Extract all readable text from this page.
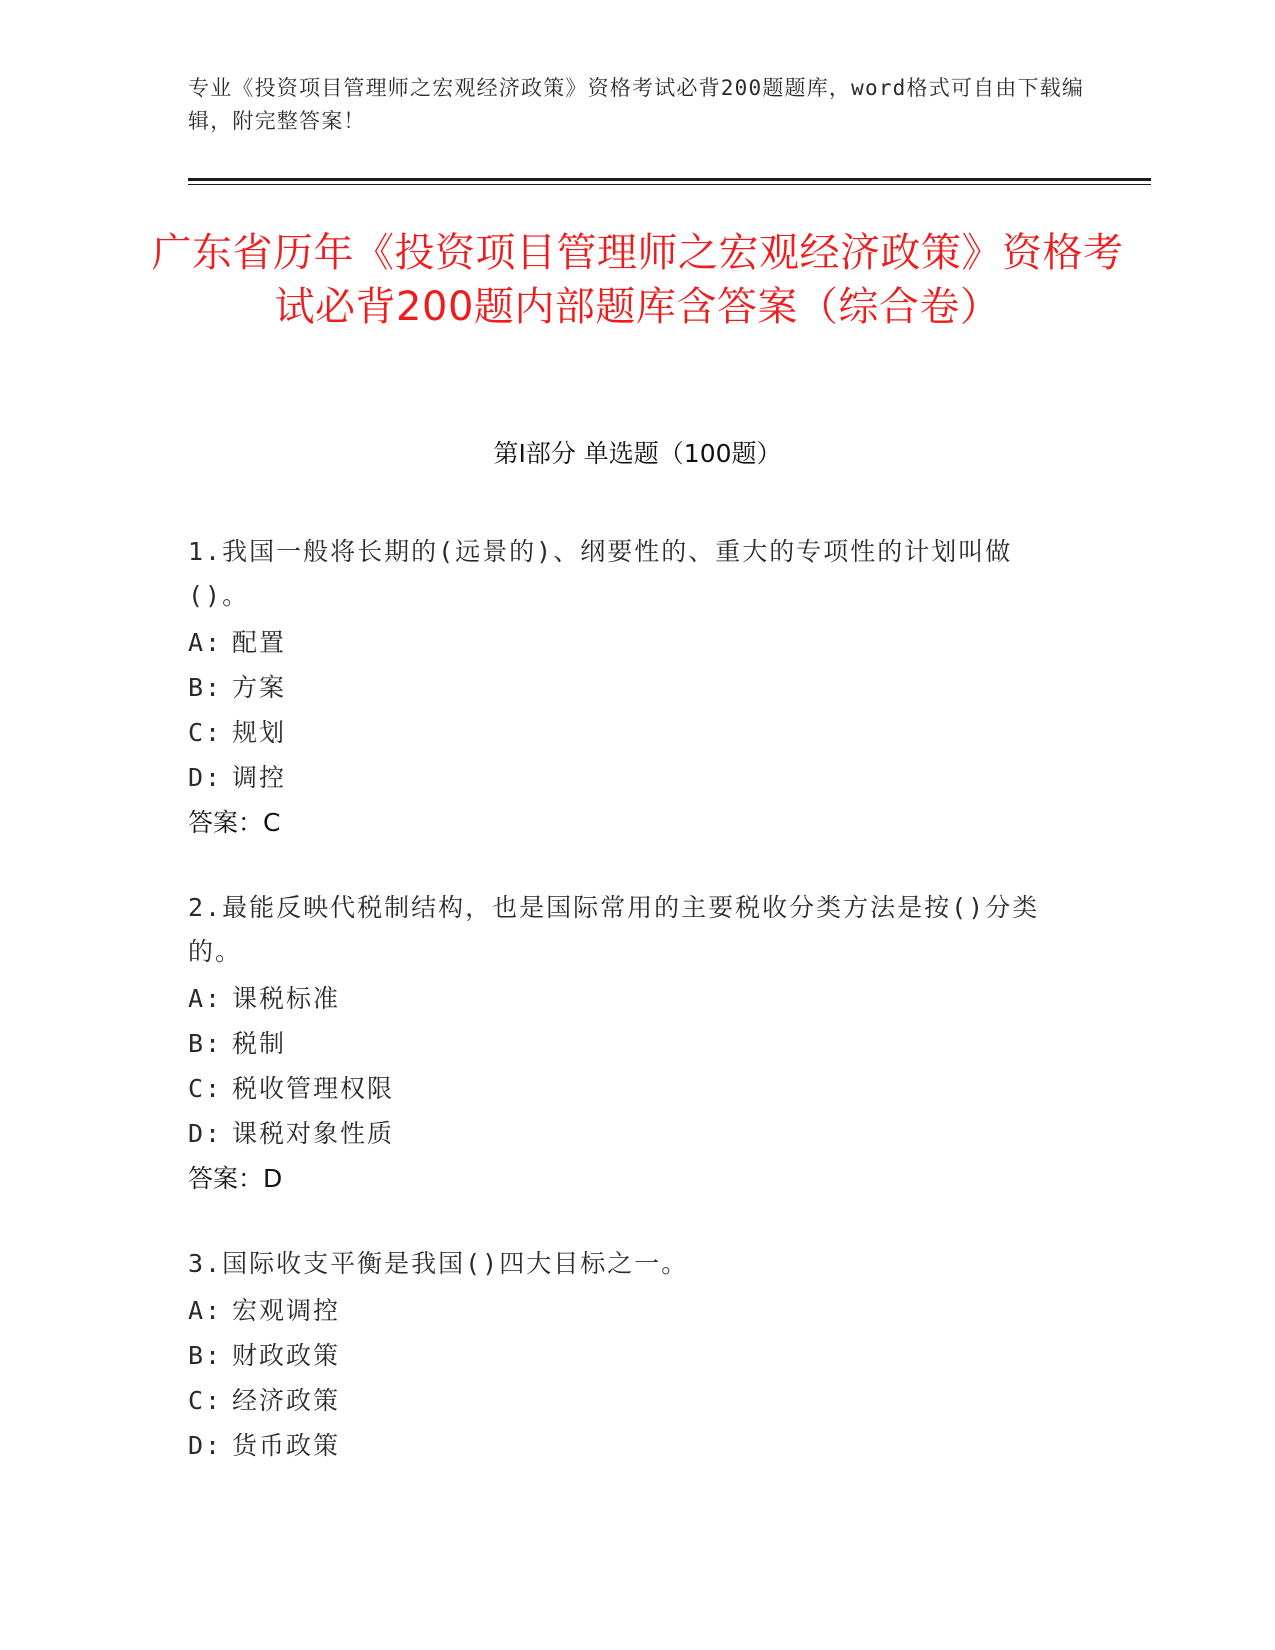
专业《投资项目管理师之宏观经济政策》资格考试必背200题题库，word格式可自由下载编辑，附完整答案！
广东省历年《投资项目管理师之宏观经济政策》资格考试必背200题内部题库含答案（综合卷）
第Ⅰ部分 单选题（100题）
1.我国一般将长期的(远景的)、纲要性的、重大的专项性的计划叫做()。
A: 配置
B: 方案
C: 规划
D: 调控
答案：C
2.最能反映代税制结构，也是国际常用的主要税收分类方法是按()分类的。
A: 课税标准
B: 税制
C: 税收管理权限
D: 课税对象性质
答案：D
3.国际收支平衡是我国()四大目标之一。
A: 宏观调控
B: 财政政策
C: 经济政策
D: 货币政策
